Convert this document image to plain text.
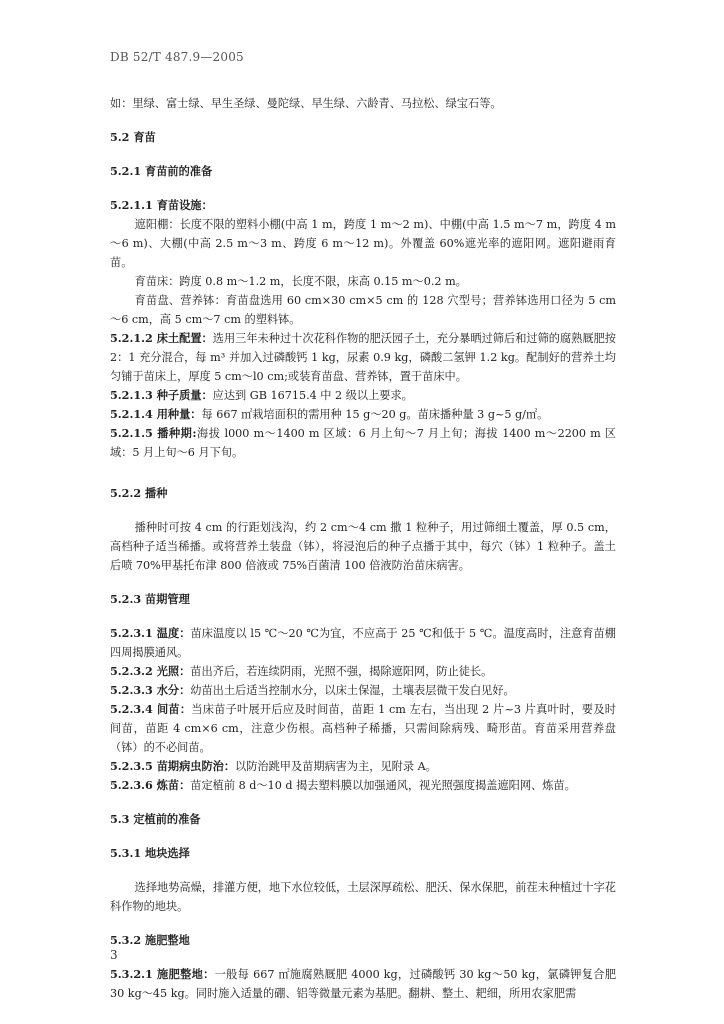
DB 52/T 487.9—2005

如：里绿、富士绿、早生圣绿、曼陀绿、早生绿、六龄青、马拉松、绿宝石等。

5.2 育苗

5.2.1 育苗前的准备

5.2.1.1 育苗设施：

遮阳棚：长度不限的塑料小棚(中高 1 m，跨度 1 m～2 m)、中棚(中高 1.5 m～7 m，跨度 4 m～6 m)、大棚(中高 2.5 m～3 m、跨度 6 m～12 m)。外覆盖 60%遮光率的遮阳网。遮阳避雨育苗。

育苗床：跨度 0.8 m～1.2 m，长度不限，床高 0.15 m～0.2 m。

育苗盘、营养钵：育苗盘选用 60 cm×30 cm×5 cm 的 128 穴型号；营养钵选用口径为 5 cm～6 cm，高 5 cm～7 cm 的塑料钵。

5.2.1.2 床土配置：选用三年未种过十次花科作物的肥沃园子土，充分暴晒过筛后和过筛的腐熟厩肥按 2：1 充分混合，每 m³ 并加入过磷酸钙 1 kg，尿素 0.9 kg，磷酸二氢钾 1.2 kg。配制好的营养土均匀铺于苗床上，厚度 5 cm～l0 cm;或装育苗盘、营养钵，置于苗床中。

5.2.1.3 种子质量：应达到 GB 16715.4 中 2 级以上要求。

5.2.1.4 用种量：每 667 ㎡栽培面积的需用种 15 g～20 g。苗床播种量 3 g~5 g/㎡。

5.2.1.5 播种期:海拔 l000 m～1400 m 区域：6 月上旬～7 月上旬；海拔 1400 m～2200 m 区域：5 月上旬～6 月下旬。

5.2.2 播种

播种时可按 4 cm 的行距划浅沟，约 2 cm～4 cm 撒 1 粒种子，用过筛细土覆盖，厚 0.5 cm，高档种子适当稀播。或将营养土装盘（钵），将浸泡后的种子点播于其中，每穴（钵）1 粒种子。盖土后喷 70%甲基托布津 800 倍液或 75%百菌清 100 倍液防治苗床病害。

5.2.3 苗期管理

5.2.3.1 温度：苗床温度以 l5 ℃～20 ℃为宜，不应高于 25 ℃和低于 5 ℃。温度高时，注意育苗棚四周揭膜通风。

5.2.3.2 光照：苗出齐后，若连续阴雨，光照不强，揭除遮阳网，防止徒长。

5.2.3.3 水分：幼苗出土后适当控制水分，以床土保湿，土壤表层微干发白见好。

5.2.3.4 间苗：当床苗子叶展开后应及时间苗，苗距 1 cm 左右，当出现 2 片~3 片真叶时，要及时间苗，苗距 4 cm×6 cm，注意少伤根。高档种子稀播，只需间除病残、畸形苗。育苗采用营养盘（钵）的不必间苗。

5.2.3.5 苗期病虫防治：以防治跳甲及苗期病害为主，见附录 A。

5.2.3.6 炼苗：苗定植前 8 d～10 d 揭去塑料膜以加强通风，视光照强度揭盖遮阳网、炼苗。

5.3 定植前的准备

5.3.1 地块选择

选择地势高燥，排灌方便，地下水位较低，土层深厚疏松、肥沃、保水保肥，前茬未种植过十字花科作物的地块。

5.3.2 施肥整地

5.3.2.1 施肥整地：一般每 667 ㎡施腐熟厩肥 4000 kg，过磷酸钙 30 kg～50 kg，氯磷钾复合肥 30 kg～45 kg。同时施入适量的硼、铝等微量元素为基肥。翻耕、整土、耙细，所用农家肥需

3
